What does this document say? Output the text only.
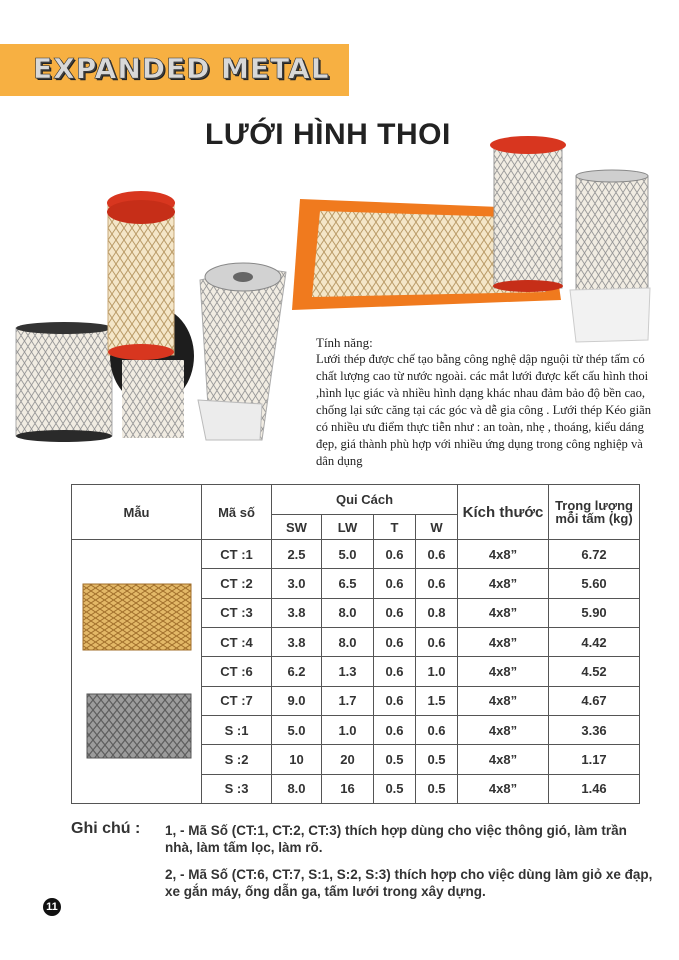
EXPANDED METAL
LƯỚI HÌNH THOI
Tính năng:
Lưới thép được chế tạo bằng công nghệ dập nguội từ thép tấm có chất lượng cao từ nước ngoài. các mắt lưới được kết cấu hình thoi ,hình lục giác và nhiều hình dạng khác nhau đảm bảo độ bền cao, chống lại sức căng tại các góc và dễ gia công . Lưới thép Kéo giãn có nhiều ưu điểm thực tiễn như : an toàn, nhẹ , thoáng, kiểu dáng đẹp, giá thành phù hợp với nhiều ứng dụng trong công nghiệp và dân dụng
Mẫu	Mã số	Qui Cách				Kích thước	Trọng lượng mỗi tấm (kg)
		SW	LW	T	W		
	CT :1	2.5	5.0	0.6	0.6	4x8”	6.72
	CT :2	3.0	6.5	0.6	0.6	4x8”	5.60
	CT :3	3.8	8.0	0.6	0.8	4x8”	5.90
	CT :4	3.8	8.0	0.6	0.6	4x8”	4.42
	CT :6	6.2	1.3	0.6	1.0	4x8”	4.52
	CT :7	9.0	1.7	0.6	1.5	4x8”	4.67
	S :1	5.0	1.0	0.6	0.6	4x8”	3.36
	S :2	10	20	0.5	0.5	4x8”	1.17
	S :3	8.0	16	0.5	0.5	4x8”	1.46
Ghi chú : 1, - Mã Số (CT:1, CT:2, CT:3) thích hợp dùng cho việc thông gió, làm trần nhà, làm tấm lọc, làm rõ.
2, - Mã Số (CT:6, CT:7, S:1, S:2, S:3) thích hợp cho việc dùng làm giỏ xe đạp, xe gắn máy, ống dẫn ga, tấm lưới trong xây dựng.
11
